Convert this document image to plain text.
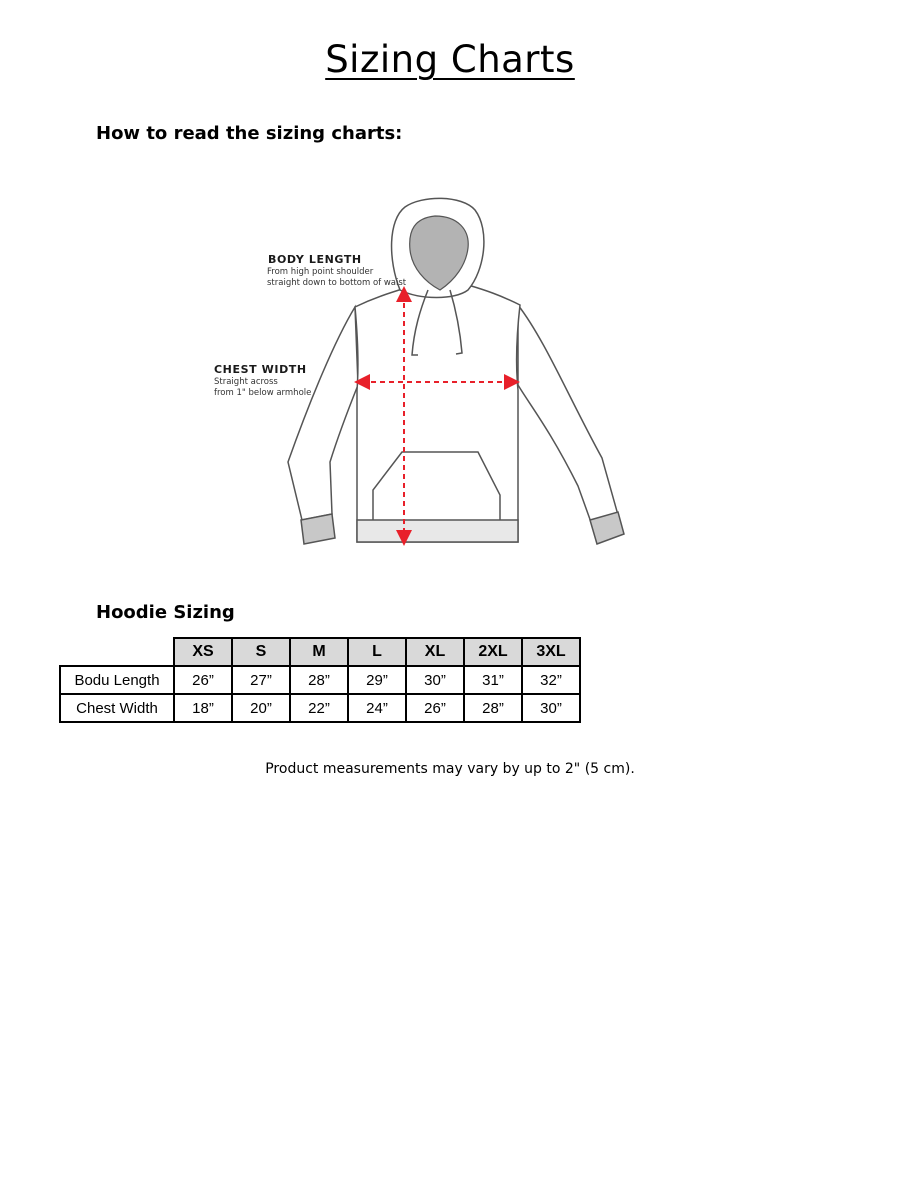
Sizing Charts
How to read the sizing charts:
BODY LENGTH
From high point shoulder
straight down to bottom of waist
CHEST WIDTH
Straight across
from 1" below armhole
Hoodie Sizing
	XS	S	M	L	XL	2XL	3XL
Bodu Length	26”	27”	28”	29”	30”	31”	32”
Chest Width	18”	20”	22”	24”	26”	28”	30”
Product measurements may vary by up to 2" (5 cm).
